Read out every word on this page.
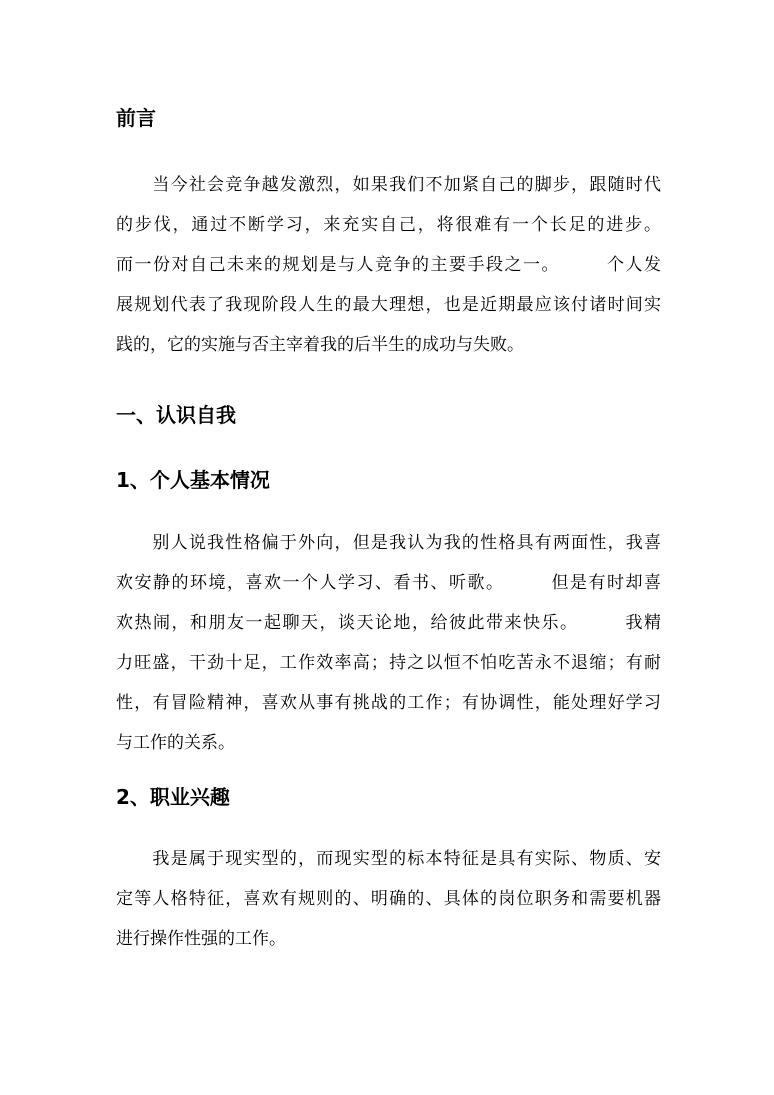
前言
　　当今社会竞争越发激烈，如果我们不加紧自己的脚步，跟随时代
的步伐，通过不断学习，来充实自己，将很难有一个长足的进步。
而一份对自己未来的规划是与人竞争的主要手段之一。　　　个人发
展规划代表了我现阶段人生的最大理想，也是近期最应该付诸时间实
践的，它的实施与否主宰着我的后半生的成功与失败。
一、认识自我
1、个人基本情况
　　别人说我性格偏于外向，但是我认为我的性格具有两面性，我喜
欢安静的环境，喜欢一个人学习、看书、听歌。　　　但是有时却喜
欢热闹，和朋友一起聊天，谈天论地，给彼此带来快乐。　　　我精
力旺盛，干劲十足，工作效率高；持之以恒不怕吃苦永不退缩；有耐
性，有冒险精神，喜欢从事有挑战的工作；有协调性，能处理好学习
与工作的关系。
2、职业兴趣
　　我是属于现实型的，而现实型的标本特征是具有实际、物质、安
定等人格特征，喜欢有规则的、明确的、具体的岗位职务和需要机器
进行操作性强的工作。
